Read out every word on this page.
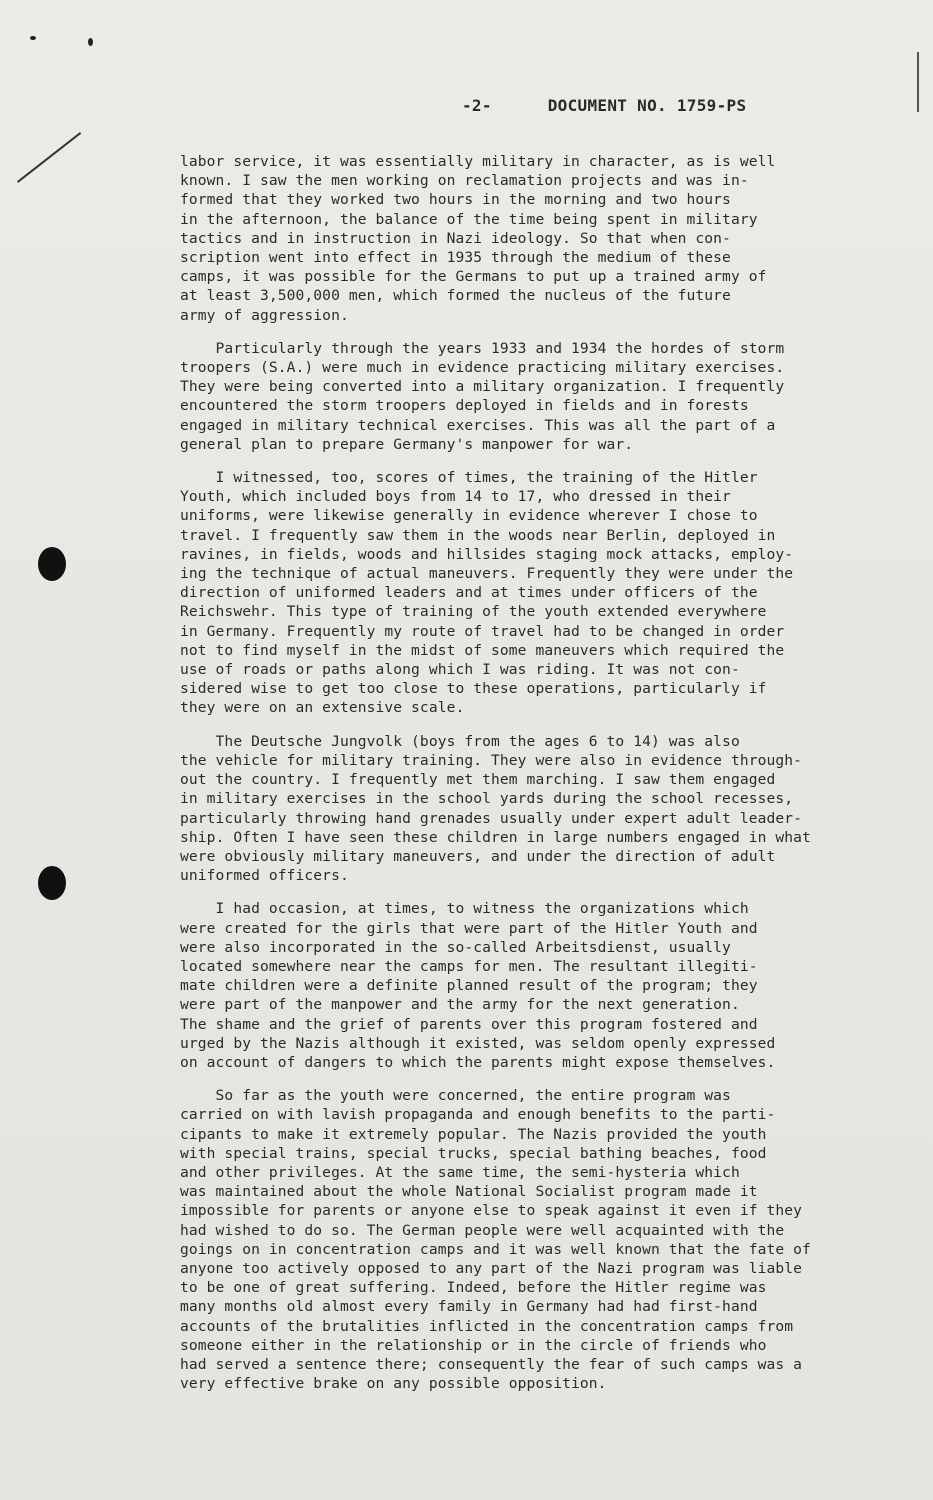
-2-	DOCUMENT NO. 1759-PS
labor service, it was essentially military in character, as is well
known. I saw the men working on reclamation projects and was in-
formed that they worked two hours in the morning and two hours
in the afternoon, the balance of the time being spent in military
tactics and in instruction in Nazi ideology. So that when con-
scription went into effect in 1935 through the medium of these
camps, it was possible for the Germans to put up a trained army of
at least 3,500,000 men, which formed the nucleus of the future
army of aggression.
Particularly through the years 1933 and 1934 the hordes of storm
troopers (S.A.) were much in evidence practicing military exercises.
They were being converted into a military organization. I frequently
encountered the storm troopers deployed in fields and in forests
engaged in military technical exercises. This was all the part of a
general plan to prepare Germany's manpower for war.
I witnessed, too, scores of times, the training of the Hitler
Youth, which included boys from 14 to 17, who dressed in their
uniforms, were likewise generally in evidence wherever I chose to
travel. I frequently saw them in the woods near Berlin, deployed in
ravines, in fields, woods and hillsides staging mock attacks, employ-
ing the technique of actual maneuvers. Frequently they were under the
direction of uniformed leaders and at times under officers of the
Reichswehr. This type of training of the youth extended everywhere
in Germany. Frequently my route of travel had to be changed in order
not to find myself in the midst of some maneuvers which required the
use of roads or paths along which I was riding. It was not con-
sidered wise to get too close to these operations, particularly if
they were on an extensive scale.
The Deutsche Jungvolk (boys from the ages 6 to 14) was also
the vehicle for military training. They were also in evidence through-
out the country. I frequently met them marching. I saw them engaged
in military exercises in the school yards during the school recesses,
particularly throwing hand grenades usually under expert adult leader-
ship. Often I have seen these children in large numbers engaged in what
were obviously military maneuvers, and under the direction of adult
uniformed officers.
I had occasion, at times, to witness the organizations which
were created for the girls that were part of the Hitler Youth and
were also incorporated in the so-called Arbeitsdienst, usually
located somewhere near the camps for men. The resultant illegiti-
mate children were a definite planned result of the program; they
were part of the manpower and the army for the next generation.
The shame and the grief of parents over this program fostered and
urged by the Nazis although it existed, was seldom openly expressed
on account of dangers to which the parents might expose themselves.
So far as the youth were concerned, the entire program was
carried on with lavish propaganda and enough benefits to the parti-
cipants to make it extremely popular. The Nazis provided the youth
with special trains, special trucks, special bathing beaches, food
and other privileges. At the same time, the semi-hysteria which
was maintained about the whole National Socialist program made it
impossible for parents or anyone else to speak against it even if they
had wished to do so. The German people were well acquainted with the
goings on in concentration camps and it was well known that the fate of
anyone too actively opposed to any part of the Nazi program was liable
to be one of great suffering. Indeed, before the Hitler regime was
many months old almost every family in Germany had had first-hand
accounts of the brutalities inflicted in the concentration camps from
someone either in the relationship or in the circle of friends who
had served a sentence there; consequently the fear of such camps was a
very effective brake on any possible opposition.
